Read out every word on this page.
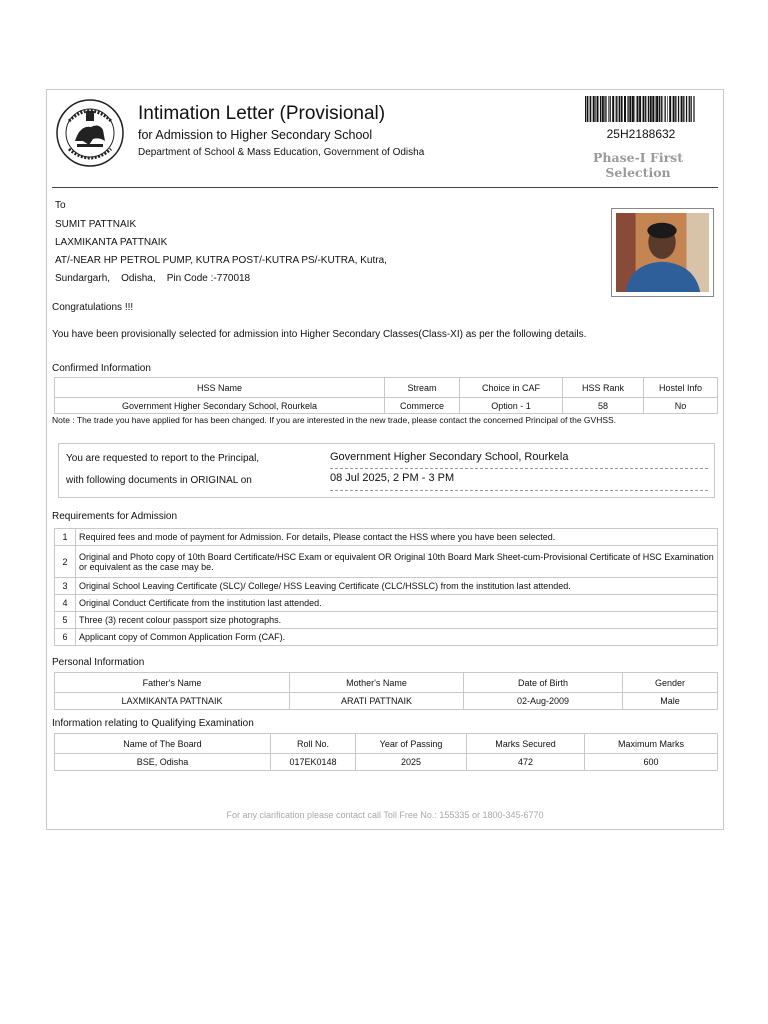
Intimation Letter (Provisional)
for Admission to Higher Secondary School
Department of School & Mass Education, Government of Odisha
25H2188632
Phase-I First
Selection
To
SUMIT PATTNAIK
LAXMIKANTA PATTNAIK
AT/-NEAR HP PETROL PUMP, KUTRA POST/-KUTRA PS/-KUTRA, Kutra,
Sundargarh,    Odisha,    Pin Code :-770018
Congratulations !!!
You have been provisionally selected for admission into Higher Secondary Classes(Class-XI) as per the following details.
Confirmed Information
HSS Name	Stream	Choice in CAF	HSS Rank	Hostel Info
Government Higher Secondary School, Rourkela	Commerce	Option - 1	58	No
Note : The trade you have applied for has been changed. If you are interested in the new trade, please contact the concerned Principal of the GVHSS.
You are requested to report to the Principal,
with following documents in ORIGINAL on
Government Higher Secondary School, Rourkela
08 Jul 2025, 2 PM - 3 PM
Requirements for Admission
1	Required fees and mode of payment for Admission. For details, Please contact the HSS where you have been selected.
2	Original and Photo copy of 10th Board Certificate/HSC Exam or equivalent OR Original 10th Board Mark Sheet-cum-Provisional Certificate of HSC Examination or equivalent as the case may be.
3	Original School Leaving Certificate (SLC)/ College/ HSS Leaving Certificate (CLC/HSSLC) from the institution last attended.
4	Original Conduct Certificate from the institution last attended.
5	Three (3) recent colour passport size photographs.
6	Applicant copy of Common Application Form (CAF).
Personal Information
Father's Name	Mother's Name	Date of Birth	Gender
LAXMIKANTA PATTNAIK	ARATI PATTNAIK	02-Aug-2009	Male
Information relating to Qualifying Examination
Name of The Board	Roll No.	Year of Passing	Marks Secured	Maximum Marks
BSE, Odisha	017EK0148	2025	472	600
For any clarification please contact call Toll Free No.: 155335 or 1800-345-6770
